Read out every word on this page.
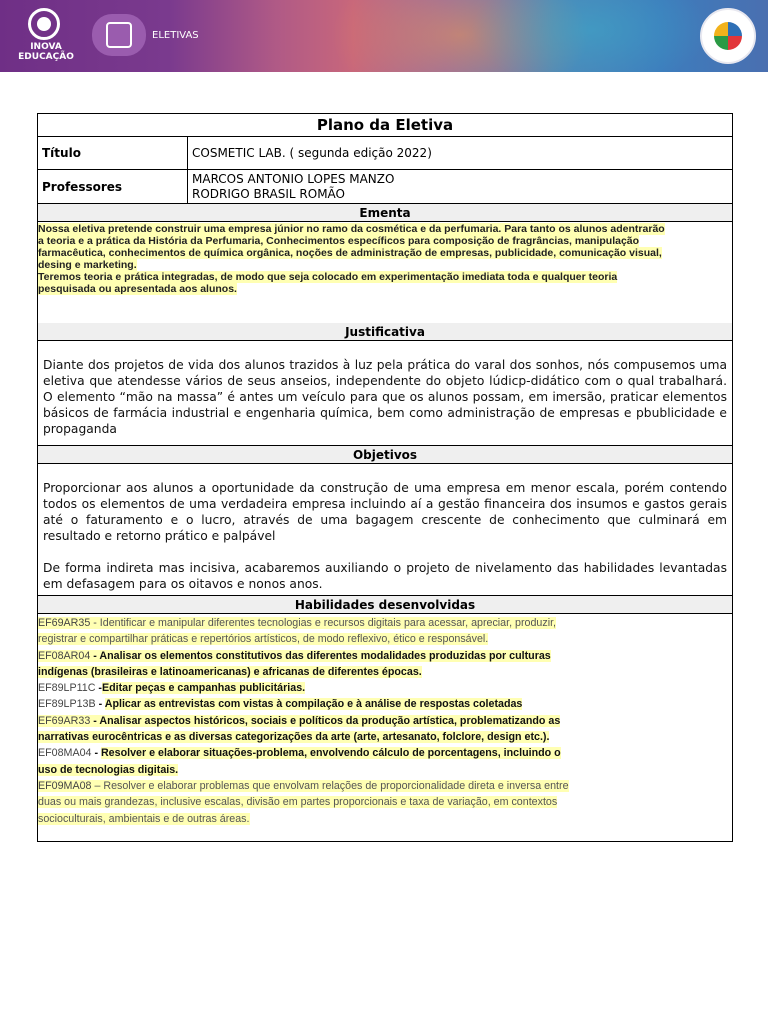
INOVA
EDUCAÇÃO
ELETIVAS
Plano da Eletiva
Título	COSMETIC LAB. ( segunda edição 2022)
Professores
MARCOS ANTONIO LOPES MANZO
RODRIGO BRASIL ROMÃO
Ementa

Nossa eletiva pretende construir uma empresa júnior no ramo da cosmética e da perfumaria. Para tanto os alunos adentrarão

a teoria e a prática da História da Perfumaria, Conhecimentos específicos para composição de fragrâncias, manipulação

farmacêutica, conhecimentos de química orgânica, noções de administração de empresas, publicidade, comunicação visual,

desing e marketing.

Teremos teoria e prática integradas, de modo que seja colocado em experimentação imediata toda e qualquer teoria

pesquisada ou apresentada aos alunos.

Justificativa
Diante dos projetos de vida dos alunos trazidos à luz pela prática do varal dos sonhos, nós compusemos uma eletiva que atendesse vários de seus anseios, independente do objeto lúdicp-didático com o qual trabalhará. O elemento “mão na massa” é antes um veículo para que os alunos possam, em imersão, praticar elementos básicos de farmácia industrial e engenharia química, bem como administração de empresas e pbublicidade e propaganda
Objetivos
Proporcionar aos alunos a oportunidade da construção de uma empresa em menor escala, porém contendo todos os elementos de uma verdadeira empresa incluindo aí a gestão financeira dos insumos e gastos gerais até o faturamento e o lucro, através de uma bagagem crescente de conhecimento que culminará em resultado e retorno prático e palpável
De forma indireta mas incisiva, acabaremos auxiliando o projeto de nivelamento das habilidades levantadas em defasagem para os oitavos e nonos anos.
Habilidades desenvolvidas
EF69AR35 - Identificar e manipular diferentes tecnologias e recursos digitais para acessar, apreciar, produzir,
registrar e compartilhar práticas e repertórios artísticos, de modo reflexivo, ético e responsável.
EF08AR04 - Analisar os elementos constitutivos das diferentes modalidades produzidas por culturas
indígenas (brasileiras e latinoamericanas) e africanas de diferentes épocas.
EF89LP11C -Editar peças e campanhas publicitárias.
EF89LP13B - Aplicar as entrevistas com vistas à compilação e à análise de respostas coletadas
EF69AR33 - Analisar aspectos históricos, sociais e políticos da produção artística, problematizando as
narrativas eurocêntricas e as diversas categorizações da arte (arte, artesanato, folclore, design etc.).
EF08MA04 - Resolver e elaborar situações-problema, envolvendo cálculo de porcentagens, incluindo o
uso de tecnologias digitais.
EF09MA08 – Resolver e elaborar problemas que envolvam relações de proporcionalidade direta e inversa entre
duas ou mais grandezas, inclusive escalas, divisão em partes proporcionais e taxa de variação, em contextos
socioculturais, ambientais e de outras áreas.
